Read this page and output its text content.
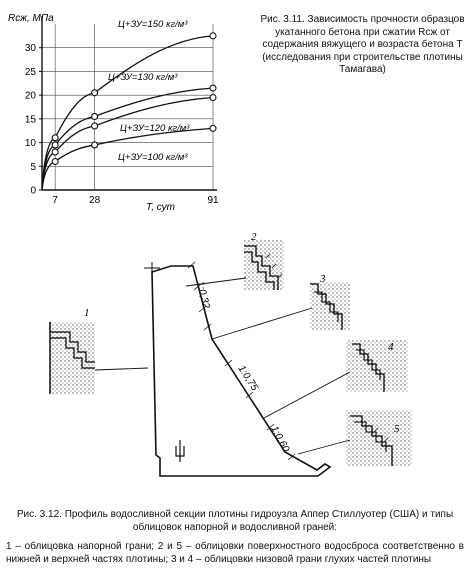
0
5
10
15
20
25
30
7	28	91
Rсж, МПа
T, сут
Ц+ЗУ=150 кг/м³
Ц+ЗУ=130 кг/м³
Ц+ЗУ=120 кг/м³
Ц+ЗУ=100 кг/м³
1:0,32
1:0,75
1:0,60
1
2
3
4
5
Рис. 3.11. Зависимость прочности образцов укатанного бетона при сжатии Rсж от содержания вяжущего и возраста бетона T (исследования при строительстве плотины Тамагава)
Рис. 3.12. Профиль водосливной секции плотины гидроузла Аппер Стиллуотер (США) и типы облицовок напорной и водосливной граней:
1 – облицовка напорной грани; 2 и 5 – облицовки поверхностного водосброса соответственно в нижней и верхней частях плотины; 3 и 4 – облицовки низовой грани глухих частей плотины
